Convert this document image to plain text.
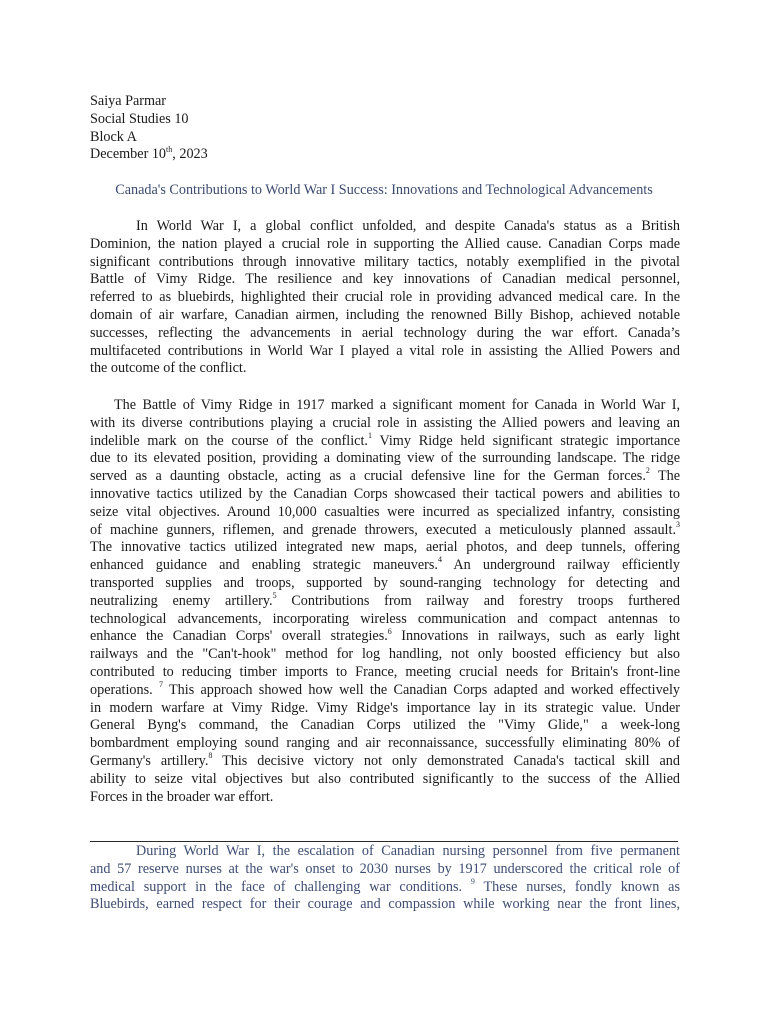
Saiya Parmar
Social Studies 10
Block A
December 10th, 2023
Canada's Contributions to World War I Success: Innovations and Technological Advancements
In World War I, a global conflict unfolded, and despite Canada's status as a British
Dominion, the nation played a crucial role in supporting the Allied cause. Canadian Corps made
significant contributions through innovative military tactics, notably exemplified in the pivotal
Battle of Vimy Ridge. The resilience and key innovations of Canadian medical personnel,
referred to as bluebirds, highlighted their crucial role in providing advanced medical care. In the
domain of air warfare, Canadian airmen, including the renowned Billy Bishop, achieved notable
successes, reflecting the advancements in aerial technology during the war effort. Canada’s
multifaceted contributions in World War I played a vital role in assisting the Allied Powers and
the outcome of the conflict.
The Battle of Vimy Ridge in 1917 marked a significant moment for Canada in World War I,
with its diverse contributions playing a crucial role in assisting the Allied powers and leaving an
indelible mark on the course of the conflict.$^1$ Vimy Ridge held significant strategic importance
due to its elevated position, providing a dominating view of the surrounding landscape. The ridge
served as a daunting obstacle, acting as a crucial defensive line for the German forces.$^2$ The
innovative tactics utilized by the Canadian Corps showcased their tactical powers and abilities to
seize vital objectives. Around 10,000 casualties were incurred as specialized infantry, consisting
of machine gunners, riflemen, and grenade throwers, executed a meticulously planned assault.$^3$
The innovative tactics utilized integrated new maps, aerial photos, and deep tunnels, offering
enhanced guidance and enabling strategic maneuvers.$^4$ An underground railway efficiently
transported supplies and troops, supported by sound-ranging technology for detecting and
neutralizing enemy artillery.$^5$ Contributions from railway and forestry troops furthered
technological advancements, incorporating wireless communication and compact antennas to
enhance the Canadian Corps' overall strategies.$^6$ Innovations in railways, such as early light
railways and the "Can't-hook" method for log handling, not only boosted efficiency but also
contributed to reducing timber imports to France, meeting crucial needs for Britain's front-line
operations. $^7$ This approach showed how well the Canadian Corps adapted and worked effectively
in modern warfare at Vimy Ridge. Vimy Ridge's importance lay in its strategic value. Under
General Byng's command, the Canadian Corps utilized the "Vimy Glide," a week-long
bombardment employing sound ranging and air reconnaissance, successfully eliminating 80% of
Germany's artillery.$^8$ This decisive victory not only demonstrated Canada's tactical skill and
ability to seize vital objectives but also contributed significantly to the success of the Allied
Forces in the broader war effort.
During World War I, the escalation of Canadian nursing personnel from five permanent
and 57 reserve nurses at the war's onset to 2030 nurses by 1917 underscored the critical role of
medical support in the face of challenging war conditions. $^9$ These nurses, fondly known as
Bluebirds, earned respect for their courage and compassion while working near the front lines,
